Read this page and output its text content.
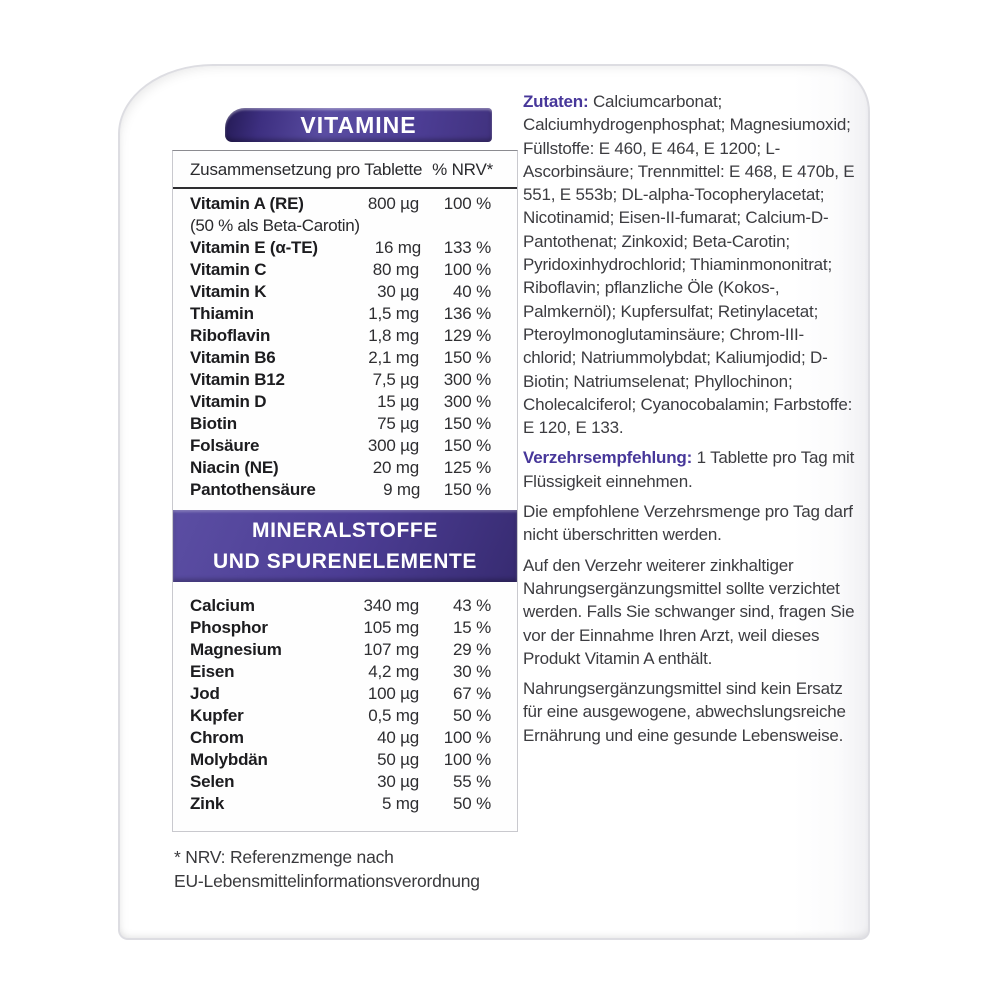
VITAMINE
Zusammensetzung pro Tablette % NRV*
Vitamin A (RE)	800 µg	100 %
(50 % als Beta-Carotin)
Vitamin E (α-TE)	16 mg	133 %
Vitamin C	80 mg	100 %
Vitamin K	30 µg	40 %
Thiamin	1,5 mg	136 %
Riboflavin	1,8 mg	129 %
Vitamin B6	2,1 mg	150 %
Vitamin B12	7,5 µg	300 %
Vitamin D	15 µg	300 %
Biotin	75 µg	150 %
Folsäure	300 µg	150 %
Niacin (NE)	20 mg	125 %
Pantothensäure	9 mg	150 %
MINERALSTOFFE
UND SPURENELEMENTE
Calcium	340 mg	43 %
Phosphor	105 mg	15 %
Magnesium	107 mg	29 %
Eisen	4,2 mg	30 %
Jod	100 µg	67 %
Kupfer	0,5 mg	50 %
Chrom	40 µg	100 %
Molybdän	50 µg	100 %
Selen	30 µg	55 %
Zink	5 mg	50 %
* NRV: Referenzmenge nach
EU-Lebensmittelinformationsverordnung

Zutaten: Calciumcarbonat; Calciumhydrogenphosphat; Magnesiumoxid; Füllstoffe: E 460, E 464, E 1200; L-Ascorbinsäure; Trennmittel: E 468, E 470b, E 551, E 553b; DL-alpha-Tocopherylacetat; Nicotinamid; Eisen-II-fumarat; Calcium-D-Pantothenat; Zinkoxid; Beta-Carotin; Pyridoxinhydrochlorid; Thiaminmononitrat; Riboflavin; pflanzliche Öle (Kokos-, Palmkernöl); Kupfersulfat; Retinylacetat; Pteroylmonoglutaminsäure; Chrom-III-chlorid; Natriummolybdat; Kaliumjodid; D-Biotin; Natriumselenat; Phyllochinon; Cholecalciferol; Cyanocobalamin; Farbstoffe: E 120, E 133.

Verzehrsempfehlung: 1 Tablette pro Tag mit Flüssigkeit einnehmen.

Die empfohlene Verzehrsmenge pro Tag darf nicht überschritten werden.

Auf den Verzehr weiterer zinkhaltiger Nahrungsergänzungsmittel sollte verzichtet werden. Falls Sie schwanger sind, fragen Sie vor der Einnahme Ihren Arzt, weil dieses Produkt Vitamin A enthält.

Nahrungsergänzungsmittel sind kein Ersatz für eine ausgewogene, abwechslungsreiche Ernährung und eine gesunde Lebensweise.
